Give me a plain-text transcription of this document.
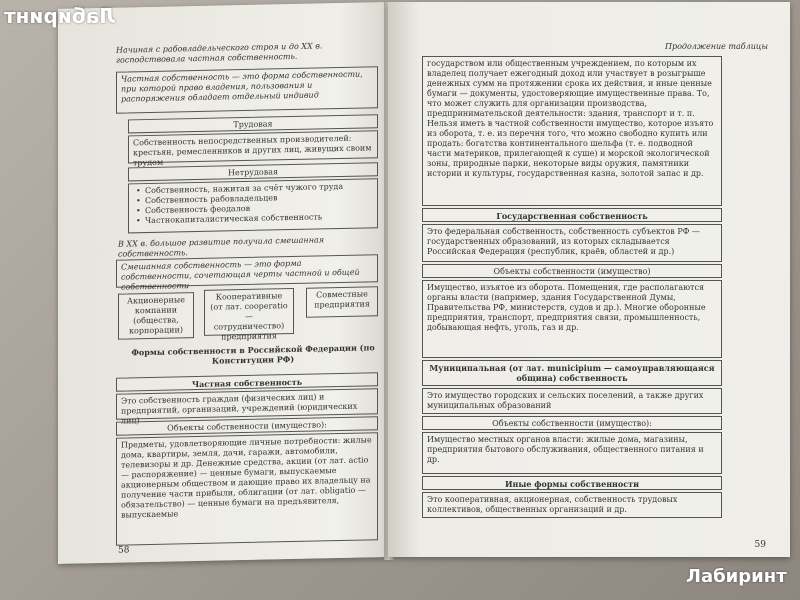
Начиная с рабовладельческого строя и до XX в. господствовала частная собственность.
Частная собственность — это форма собственности, при которой право владения, пользования и распоряжения обладает отдельный индивид
Трудовая
Собственность непосредственных производителей: крестьян, ремесленников и других лиц, живущих своим трудом
Нетрудовая
• Собственность, нажитая за счёт чужого труда
• Собственность рабовладельцев
• Собственность феодалов
• Частнокапиталистическая собственность
В XX в. большое развитие получила смешанная собственность.
Смешанная собственность — это форма собственности, сочетающая черты частной и общей собственности
Акционерные компании (общества, корпорации)
Кооперативные (от лат. cooperatio — сотрудничество) предприятия
Совместные предприятия
Формы собственности в Российской Федерации (по Конституции РФ)
Частная собственность
Это собственность граждан (физических лиц) и предприятий, организаций, учреждений (юридических лиц)	Объекты собственности (имущество):
Предметы, удовлетворяющие личные потребности: жилые дома, квартиры, земля, дачи, гаражи, автомобили, телевизоры и др. Денежные средства, акции (от лат. actio — распоряжение) — ценные бумаги, выпускаемые акционерным обществом и дающие право их владельцу на получение части прибыли, облигации (от лат. obligatio — обязательство) — ценные бумаги на предъявителя, выпускаемые
58
Продолжение таблицы
государством или общественным учреждением, по которым их владелец получает ежегодный доход или участвует в розыгрыше денежных сумм на протяжении срока их действия, и иные ценные бумаги — документы, удостоверяющие имущественные права. То, что может служить для организации производства, предпринимательской деятельности: здания, транспорт и т. п. Нельзя иметь в частной собственности имущество, которое изъято из оборота, т. е. из перечня того, что можно свободно купить или продать: богатства континентального шельфа (т. е. подводной части материков, прилегающей к суше) и морской экологической зоны, природные парки, некоторые виды оружия, памятники истории и культуры, государственная казна, золотой запас и др.
Государственная собственность
Это федеральная собственность, собственность субъектов РФ — государственных образований, из которых складывается Российская Федерация (республик, краёв, областей и др.)
Объекты собственности (имущество)
Имущество, изъятое из оборота. Помещения, где располагаются органы власти (например, здания Государственной Думы, Правительства РФ, министерств, судов и др.). Многие оборонные предприятия, транспорт, предприятия связи, промышленность, добывающая нефть, уголь, газ и др.
Муниципальная (от лат. municipium — самоуправляющаяся община) собственность
Это имущество городских и сельских поселений, а также других муниципальных образований
Объекты собственности (имущество):
Имущество местных органов власти: жилые дома, магазины, предприятия бытового обслуживания, общественного питания и др.
Иные формы собственности
Это кооперативная, акционерная, собственность трудовых коллективов, общественных организаций и др.
59
Лабиринт
Лабиринт
